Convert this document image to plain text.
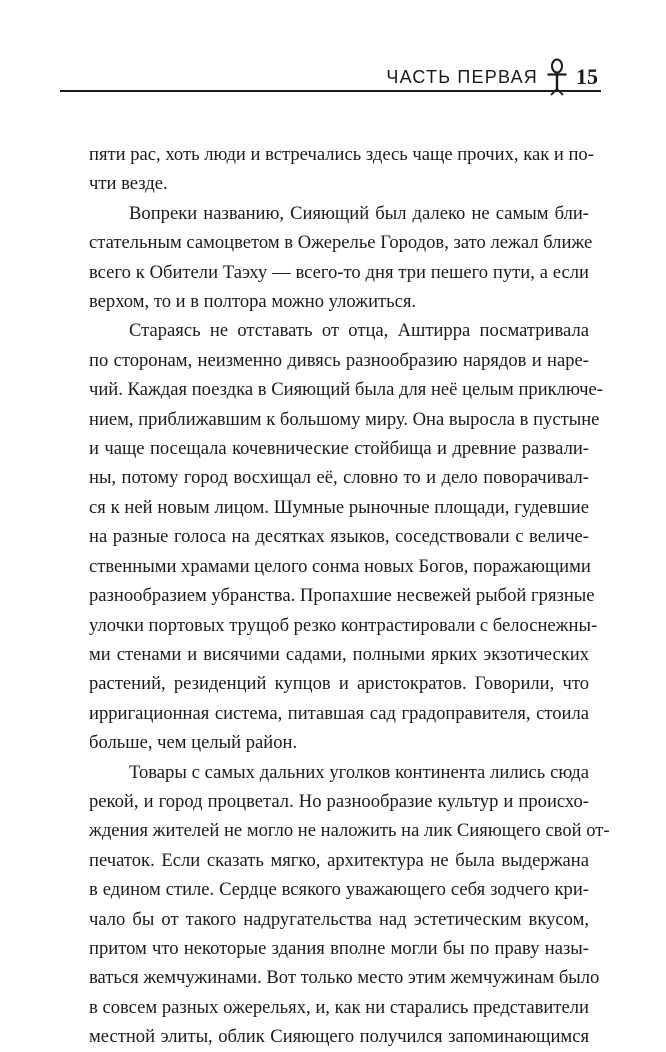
ЧАСТЬ ПЕРВАЯ 15
пяти рас, хоть люди и встречались здесь чаще прочих, как и по-
чти везде.
Вопреки названию, Сияющий был далеко не самым бли-
стательным самоцветом в Ожерелье Городов, зато лежал ближе
всего к Обители Таэху — всего-то дня три пешего пути, а если
верхом, то и в полтора можно уложиться.
Стараясь не отставать от отца, Аштирра посматривала
по сторонам, неизменно дивясь разнообразию нарядов и наре-
чий. Каждая поездка в Сияющий была для неё целым приключе-
нием, приближавшим к большому миру. Она выросла в пустыне
и чаще посещала кочевнические стойбища и древние развали-
ны, потому город восхищал её, словно то и дело поворачивал-
ся к ней новым лицом. Шумные рыночные площади, гудевшие
на разные голоса на десятках языков, соседствовали с величе-
ственными храмами целого сонма новых Богов, поражающими
разнообразием убранства. Пропахшие несвежей рыбой грязные
улочки портовых трущоб резко контрастировали с белоснежны-
ми стенами и висячими садами, полными ярких экзотических
растений, резиденций купцов и аристократов. Говорили, что
ирригационная система, питавшая сад градоправителя, стоила
больше, чем целый район.
Товары с самых дальних уголков континента лились сюда
рекой, и город процветал. Но разнообразие культур и происхо-
ждения жителей не могло не наложить на лик Сияющего свой от-
печаток. Если сказать мягко, архитектура не была выдержана
в едином стиле. Сердце всякого уважающего себя зодчего кри-
чало бы от такого надругательства над эстетическим вкусом,
притом что некоторые здания вполне могли бы по праву назы-
ваться жемчужинами. Вот только место этим жемчужинам было
в совсем разных ожерельях, и, как ни старались представители
местной элиты, облик Сияющего получился запоминающимся
